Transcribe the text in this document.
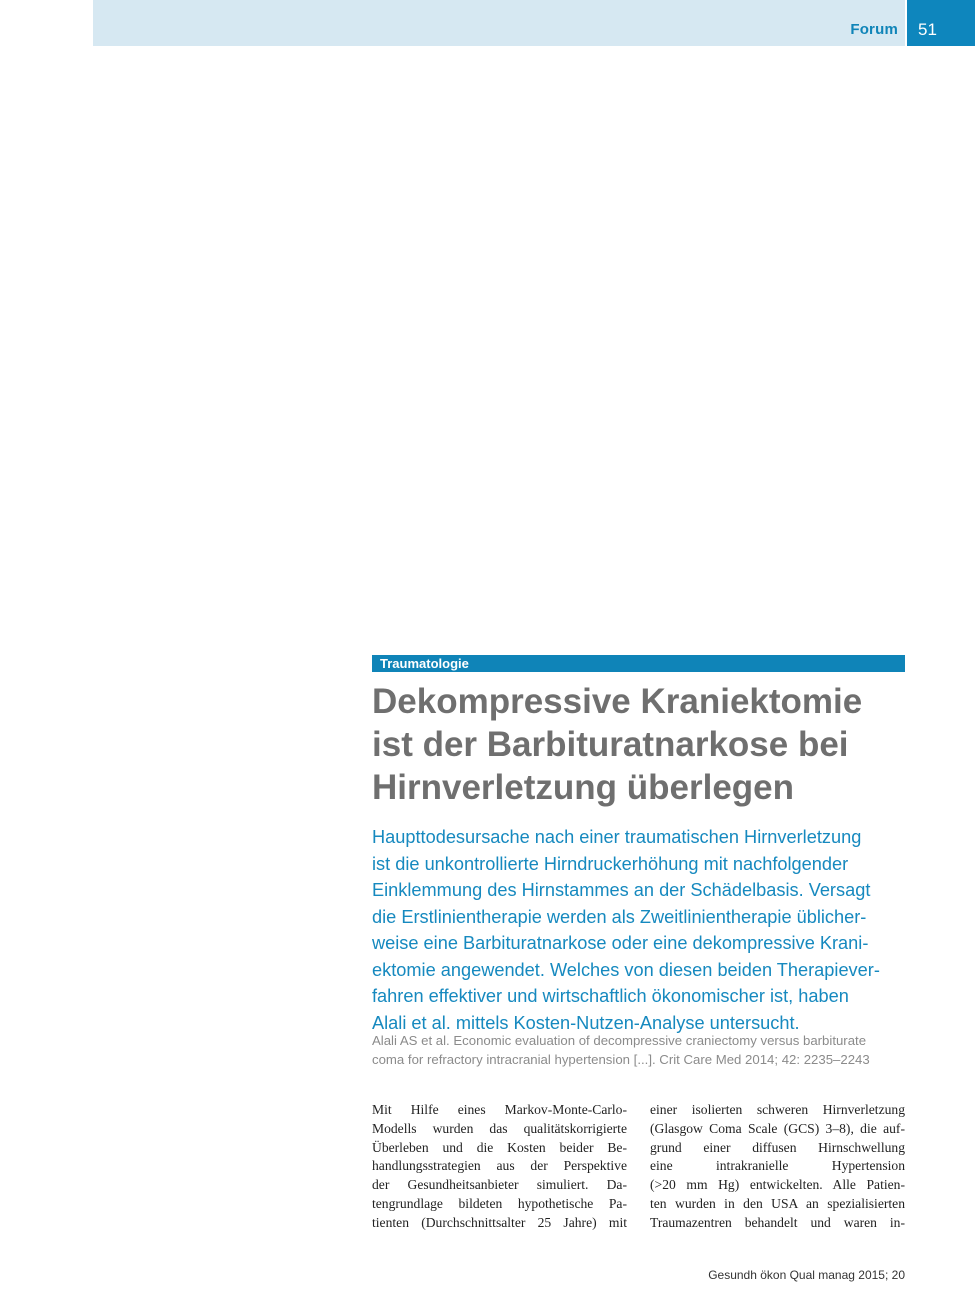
Forum 51
Traumatologie
Dekompressive Kraniektomie
ist der Barbituratnarkose bei
Hirnverletzung überlegen
Haupttodesursache nach einer traumatischen Hirnverletzung
ist die unkontrollierte Hirndruckerhöhung mit nachfolgender
Einklemmung des Hirnstammes an der Schädelbasis. Versagt
die Erstlinientherapie werden als Zweitlinientherapie üblicher-
weise eine Barbituratnarkose oder eine dekompressive Krani-
ektomie angewendet. Welches von diesen beiden Therapiever-
fahren effektiver und wirtschaftlich ökonomischer ist, haben
Alali et al. mittels Kosten-Nutzen-Analyse untersucht.
Alali AS et al. Economic evaluation of decompressive craniectomy versus barbiturate
coma for refractory intracranial hypertension [...]. Crit Care Med 2014; 42: 2235–2243
Mit Hilfe eines Markov-Monte-Carlo-
Modells wurden das qualitätskorrigierte
Überleben und die Kosten beider Be-
handlungsstrategien aus der Perspektive
der Gesundheitsanbieter simuliert. Da-
tengrundlage bildeten hypothetische Pa-
tienten (Durchschnittsalter 25 Jahre) mit
einer isolierten schweren Hirnverletzung
(Glasgow Coma Scale (GCS) 3–8), die auf-
grund einer diffusen Hirnschwellung
eine intrakranielle Hypertension
(>20 mm Hg) entwickelten. Alle Patien-
ten wurden in den USA an spezialisierten
Traumazentren behandelt und waren in-
Gesundh ökon Qual manag 2015; 20
